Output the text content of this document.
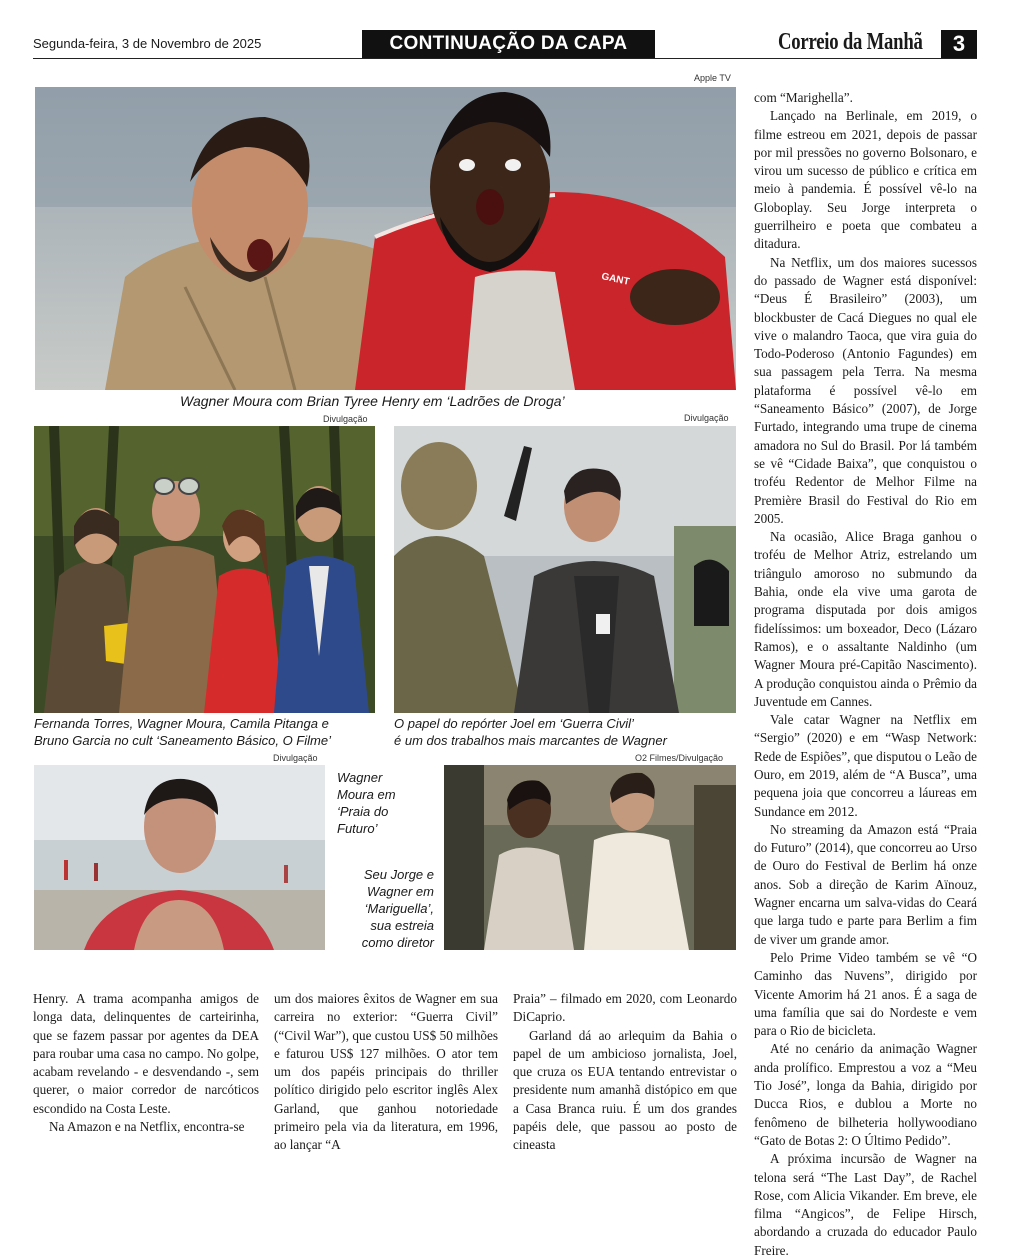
Segunda-feira, 3 de Novembro de 2025	CONTINUAÇÃO DA CAPA	Correio da Manhã	3
Apple TV
GANT
Wagner Moura com Brian Tyree Henry em ‘Ladrões de Droga’
Divulgação
Fernanda Torres, Wagner Moura, Camila Pitanga e
Bruno Garcia no cult ‘Saneamento Básico, O Filme’
Divulgação
O papel do repórter Joel em ‘Guerra Civil’
é um dos trabalhos mais marcantes de Wagner
Divulgação
Wagner
Moura em
‘Praia do
Futuro’
Seu Jorge e
Wagner em
‘Mariguella’,
sua estreia
como diretor
O2 Filmes/Divulgação

Henry. A trama acompanha amigos de longa data, delinquentes de carteirinha, que se fazem passar por agentes da DEA para roubar uma casa no campo. No golpe, acabam revelando - e desvendando -, sem querer, o maior corredor de narcóticos escondido na Costa Leste.

Na Amazon e na Netflix, encontra-se

um dos maiores êxitos de Wagner em sua carreira no exterior: “Guerra Civil” (“Civil War”), que custou US$ 50 milhões e faturou US$ 127 milhões. O ator tem um dos papéis principais do thriller político dirigido pelo escritor inglês Alex Garland, que ganhou notoriedade primeiro pela via da literatura, em 1996, ao lançar “A

Praia” – filmado em 2020, com Leonardo DiCaprio.

Garland dá ao arlequim da Bahia o papel de um ambicioso jornalista, Joel, que cruza os EUA tentando entrevistar o presidente num amanhã distópico em que a Casa Branca ruiu. É um dos grandes papéis dele, que passou ao posto de cineasta

com “Marighella”.

Lançado na Berlinale, em 2019, o filme estreou em 2021, depois de passar por mil pressões no governo Bolsonaro, e virou um sucesso de público e crítica em meio à pandemia. É possível vê-lo na Globoplay. Seu Jorge interpreta o guerrilheiro e poeta que combateu a ditadura.

Na Netflix, um dos maiores sucessos do passado de Wagner está disponível: “Deus É Brasileiro” (2003), um blockbuster de Cacá Diegues no qual ele vive o malandro Taoca, que vira guia do Todo-Poderoso (Antonio Fagundes) em sua passagem pela Terra. Na mesma plataforma é possível vê-lo em “Saneamento Básico” (2007), de Jorge Furtado, integrando uma trupe de cinema amadora no Sul do Brasil. Por lá também se vê “Cidade Baixa”, que conquistou o troféu Redentor de Melhor Filme na Première Brasil do Festival do Rio em 2005.

Na ocasião, Alice Braga ganhou o troféu de Melhor Atriz, estrelando um triângulo amoroso no submundo da Bahia, onde ela vive uma garota de programa disputada por dois amigos fidelíssimos: um boxeador, Deco (Lázaro Ramos), e o assaltante Naldinho (um Wagner Moura pré-Capitão Nascimento). A produção conquistou ainda o Prêmio da Juventude em Cannes.

Vale catar Wagner na Netflix em “Sergio” (2020) e em “Wasp Network: Rede de Espiões”, que disputou o Leão de Ouro, em 2019, além de “A Busca”, uma pequena joia que concorreu a láureas em Sundance em 2012.

No streaming da Amazon está “Praia do Futuro” (2014), que concorreu ao Urso de Ouro do Festival de Berlim há onze anos. Sob a direção de Karim Aïnouz, Wagner encarna um salva-vidas do Ceará que larga tudo e parte para Berlim a fim de viver um grande amor.

Pelo Prime Video também se vê “O Caminho das Nuvens”, dirigido por Vicente Amorim há 21 anos. É a saga de uma família que sai do Nordeste e vem para o Rio de bicicleta.

Até no cenário da animação Wagner anda prolífico. Emprestou a voz a “Meu Tio José”, longa da Bahia, dirigido por Ducca Rios, e dublou a Morte no fenômeno de bilheteria hollywoodiano “Gato de Botas 2: O Último Pedido”.

A próxima incursão de Wagner na telona será “The Last Day”, de Rachel Rose, com Alicia Vikander. Em breve, ele filma “Angicos”, de Felipe Hirsch, abordando a cruzada do educador Paulo Freire.
